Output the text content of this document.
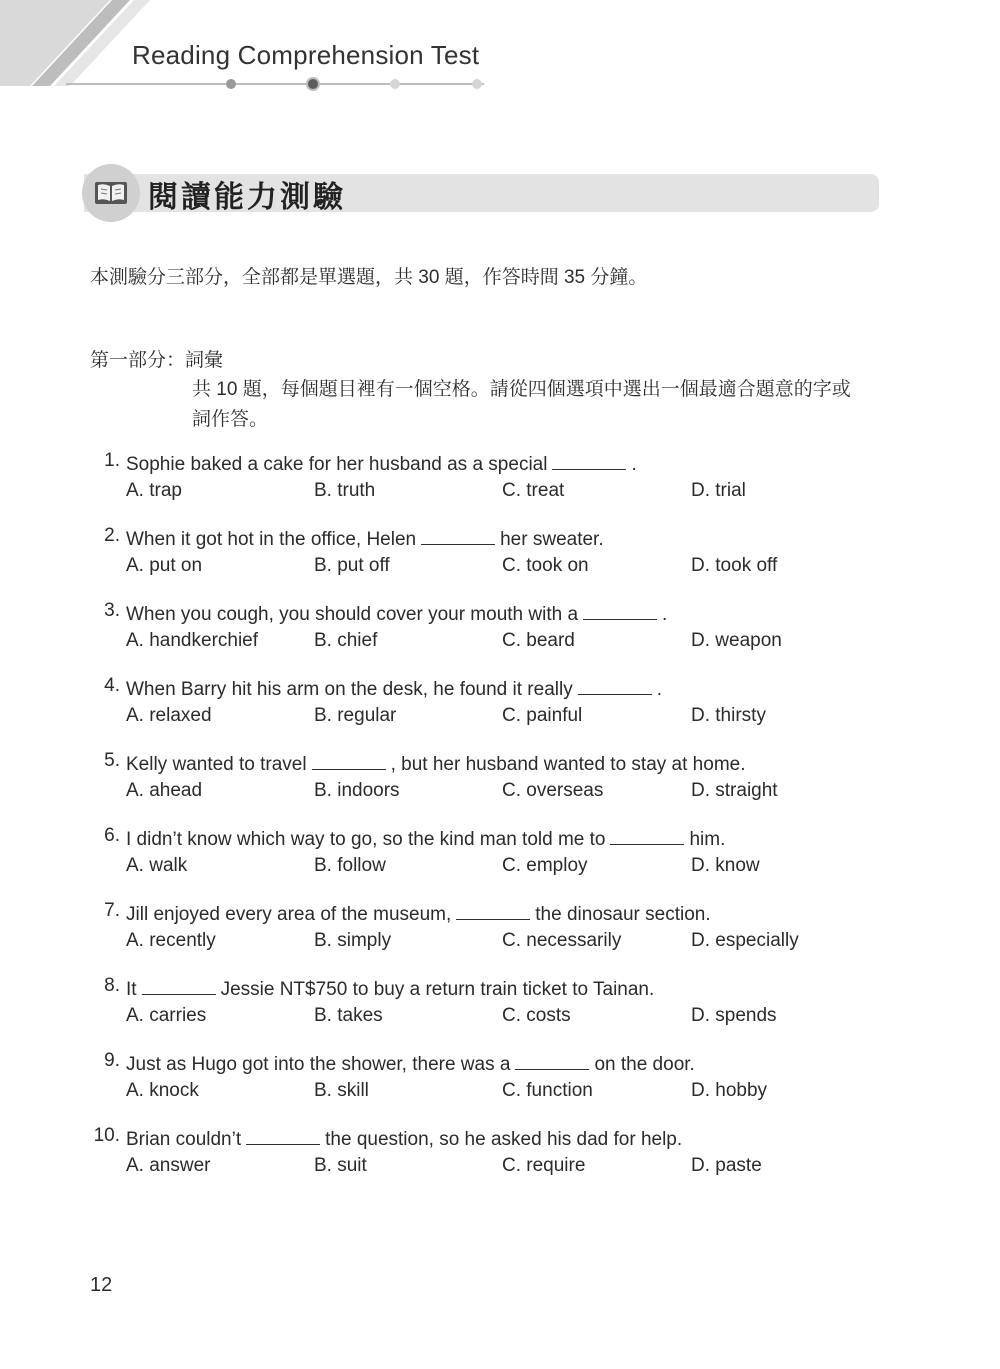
Reading Comprehension Test
閱讀能力測驗
本測驗分三部分，全部都是單選題，共 30 題，作答時間 35 分鐘。
第一部分：詞彙
共 10 題，每個題目裡有一個空格。請從四個選項中選出一個最適合題意的字或
詞作答。
1. Sophie baked a cake for her husband as a special	.
A. trap	B. truth	C. treat	D. trial
2. When it got hot in the office, Helen	her sweater.
A. put on	B. put off	C. took on	D. took off
3. When you cough, you should cover your mouth with a	.
A. handkerchief	B. chief	C. beard	D. weapon
4. When Barry hit his arm on the desk, he found it really	.
A. relaxed	B. regular	C. painful	D. thirsty
5. Kelly wanted to travel	, but her husband wanted to stay at home.
A. ahead	B. indoors	C. overseas	D. straight
6. I didn’t know which way to go, so the kind man told me to	him.
A. walk	B. follow	C. employ	D. know
7. Jill enjoyed every area of the museum,	the dinosaur section.
A. recently	B. simply	C. necessarily	D. especially
8. It	Jessie NT$750 to buy a return train ticket to Tainan.
A. carries	B. takes	C. costs	D. spends
9. Just as Hugo got into the shower, there was a	on the door.
A. knock	B. skill	C. function	D. hobby
10. Brian couldn’t	the question, so he asked his dad for help.
A. answer	B. suit	C. require	D. paste
12
